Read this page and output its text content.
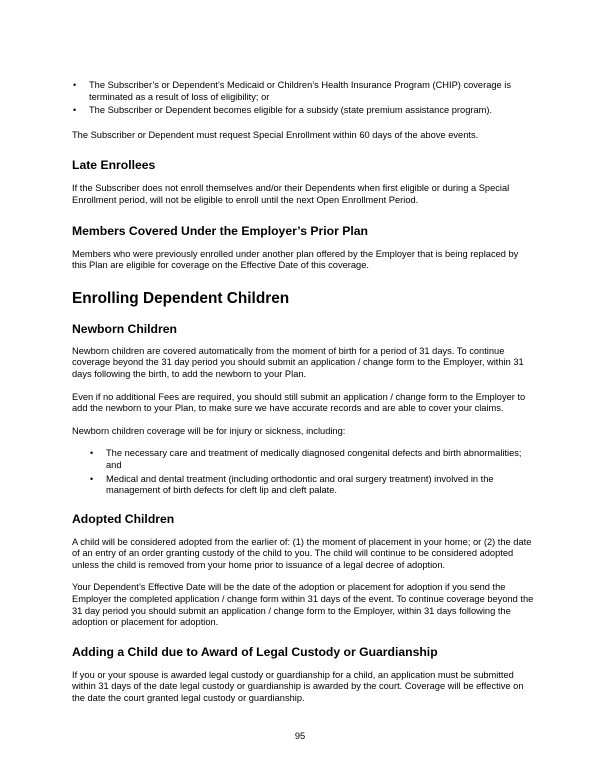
• The Subscriber’s or Dependent’s Medicaid or Children’s Health Insurance Program (CHIP) coverage is terminated as a result of loss of eligibility; or
• The Subscriber or Dependent becomes eligible for a subsidy (state premium assistance program).

The Subscriber or Dependent must request Special Enrollment within 60 days of the above events.

Late Enrollees

If the Subscriber does not enroll themselves and/or their Dependents when first eligible or during a Special Enrollment period, will not be eligible to enroll until the next Open Enrollment Period.

Members Covered Under the Employer’s Prior Plan

Members who were previously enrolled under another plan offered by the Employer that is being replaced by this Plan are eligible for coverage on the Effective Date of this coverage.

Enrolling Dependent Children
Newborn Children

Newborn children are covered automatically from the moment of birth for a period of 31 days. To continue coverage beyond the 31 day period you should submit an application / change form to the Employer, within 31 days following the birth, to add the newborn to your Plan.

Even if no additional Fees are required, you should still submit an application / change form to the Employer to add the newborn to your Plan, to make sure we have accurate records and are able to cover your claims.

Newborn children coverage will be for injury or sickness, including:

• The necessary care and treatment of medically diagnosed congenital defects and birth abnormalities; and
• Medical and dental treatment (including orthodontic and oral surgery treatment) involved in the management of birth defects for cleft lip and cleft palate.
Adopted Children

A child will be considered adopted from the earlier of: (1) the moment of placement in your home; or (2) the date of an entry of an order granting custody of the child to you. The child will continue to be considered adopted unless the child is removed from your home prior to issuance of a legal decree of adoption.

Your Dependent’s Effective Date will be the date of the adoption or placement for adoption if you send the Employer the completed application / change form within 31 days of the event. To continue coverage beyond the 31 day period you should submit an application / change form to the Employer, within 31 days following the adoption or placement for adoption.

Adding a Child due to Award of Legal Custody or Guardianship

If you or your spouse is awarded legal custody or guardianship for a child, an application must be submitted within 31 days of the date legal custody or guardianship is awarded by the court. Coverage will be effective on the date the court granted legal custody or guardianship.

95
